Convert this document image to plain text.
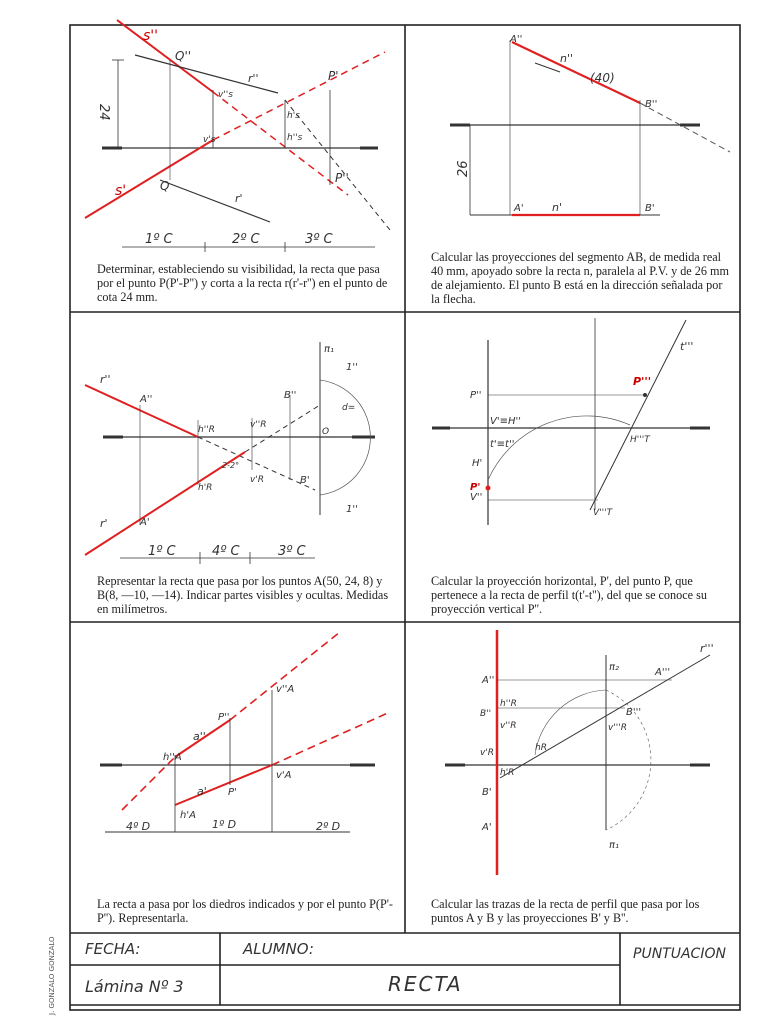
s''
s'
Q''
Q
r''
r'
P'
P''
24
v''s
v's
h's
h''s
1º C	2º C	3º C
A''
B''
n''
(40)
A'	B'
n'
26
r''
r'
A''
A'
B''
B'
h''R
h'R
v''R
v'R
2-2°
O
π₁
1''
1''
d=
1º C	4º C	3º C
t'''
P'''
P''
V'≡H''
t'≡t''
H'
P'
V''
H'''T
V'''T
h''A
h'A
a''
a'
P''
P'
v''A
v'A
4º D	1º D	2º D
A''
h''R
B''
v''R
v'R
h'R
B'
A'
A'''
B'''
r'''
hR
v'''R
π₂
π₁
Determinar, estableciendo su visibilidad, la recta que pasa por el punto P(P'-P'') y corta a la recta r(r'-r'') en el punto de cota 24 mm.
Calcular las proyecciones del segmento AB, de medida real 40 mm, apoyado sobre la recta n, paralela al P.V. y de 26 mm de alejamiento. El punto B está en la dirección señalada por la flecha.
Representar la recta que pasa por los puntos A(50, 24, 8) y B(8, —10, —14). Indicar partes visibles y ocultas. Medidas en milímetros.
Calcular la proyección horizontal, P', del punto P, que pertenece a la recta de perfil t(t'-t''), del que se conoce su proyección vertical P''.
La recta a pasa por los diedros indicados y por el punto P(P'-P''). Representarla.
Calcular las trazas de la recta de perfil que pasa por los puntos A y B y las proyecciones B' y B''.
FECHA:	ALUMNO:	PUNTUACION
Lámina Nº 3	RECTA
J. GONZALO GONZALO
